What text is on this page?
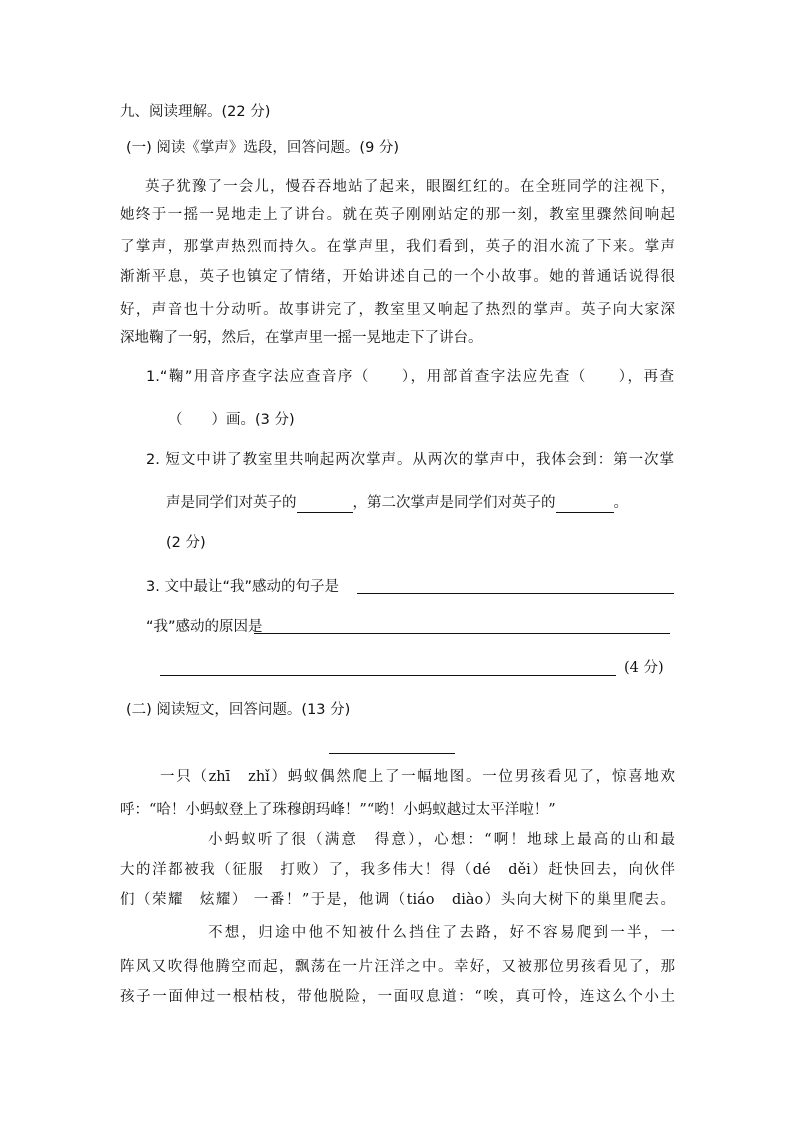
九、阅读理解。(22 分)
(一) 阅读《掌声》选段，回答问题。(9 分)
英子犹豫了一会儿，慢吞吞地站了起来，眼圈红红的。在全班同学的注视下，
她终于一摇一晃地走上了讲台。就在英子刚刚站定的那一刻，教室里骤然间响起
了掌声，那掌声热烈而持久。在掌声里，我们看到，英子的泪水流了下来。掌声
渐渐平息，英子也镇定了情绪，开始讲述自己的一个小故事。她的普通话说得很
好，声音也十分动听。故事讲完了，教室里又响起了热烈的掌声。英子向大家深
深地鞠了一躬，然后，在掌声里一摇一晃地走下了讲台。
1.“鞠”用音序查字法应查音序（　　），用部首查字法应先查（　　），再查
（　　）画。(3 分)
2. 短文中讲了教室里共响起两次掌声。从两次的掌声中，我体会到：第一次掌
声是同学们对英子的	，第二次掌声是同学们对英子的	。
(2 分)
3. 文中最让“我”感动的句子是
“我”感动的原因是
(4 分)
(二) 阅读短文，回答问题。(13 分)
一只（zhī　zhǐ）蚂蚁偶然爬上了一幅地图。一位男孩看见了，惊喜地欢
呼：“哈！小蚂蚁登上了珠穆朗玛峰！”“哟！小蚂蚁越过太平洋啦！”
小蚂蚁听了很（满意　得意），心想：“啊！地球上最高的山和最
大的洋都被我（征服　打败）了，我多伟大！得（dé　děi）赶快回去，向伙伴
们（荣耀　炫耀） 一番！”于是，他调（tiáo　diào）头向大树下的巢里爬去。
不想，归途中他不知被什么挡住了去路，好不容易爬到一半，一
阵风又吹得他腾空而起，飘荡在一片汪洋之中。幸好，又被那位男孩看见了，那
孩子一面伸过一根枯枝，带他脱险，一面叹息道：“唉，真可怜，连这么个小土
